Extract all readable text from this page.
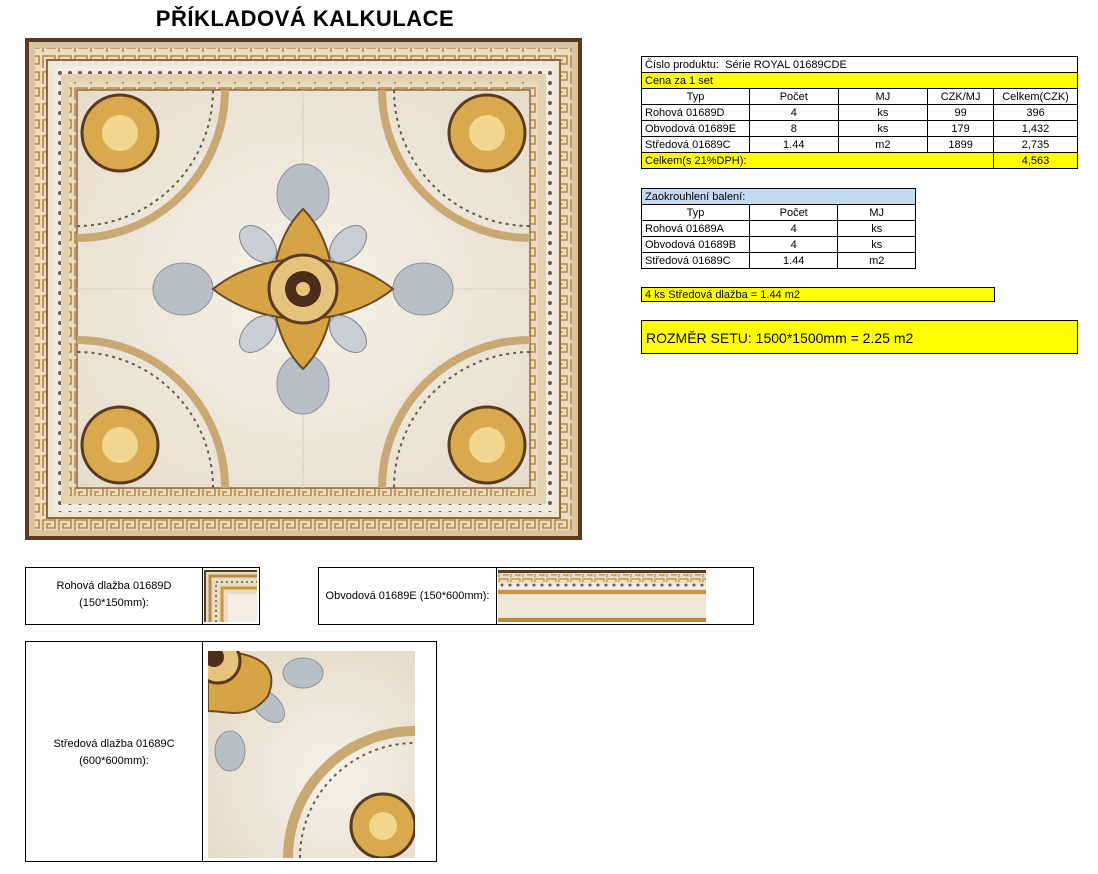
PŘÍKLADOVÁ KALKULACE
Číslo produktu: Série ROYAL 01689CDE				
Cena za 1 set				
Typ	Počet	MJ	CZK/MJ	Celkem(CZK)
Rohová 01689D	4	ks	99	396
Obvodová 01689E	8	ks	179	1,432
Středová 01689C	1.44	m2	1899	2,735
Celkem(s 21%DPH):				4,563
Zaokrouhlení balení:		
Typ	Počet	MJ
Rohová 01689A	4	ks
Obvodová 01689B	4	ks
Středová 01689C	1.44	m2
4 ks Středová dlažba = 1.44 m2
ROZMĚR SETU: 1500*1500mm = 2.25 m2
Rohová dlažba 01689D (150*150mm):
Obvodová 01689E (150*600mm):
Středová dlažba 01689C (600*600mm):
